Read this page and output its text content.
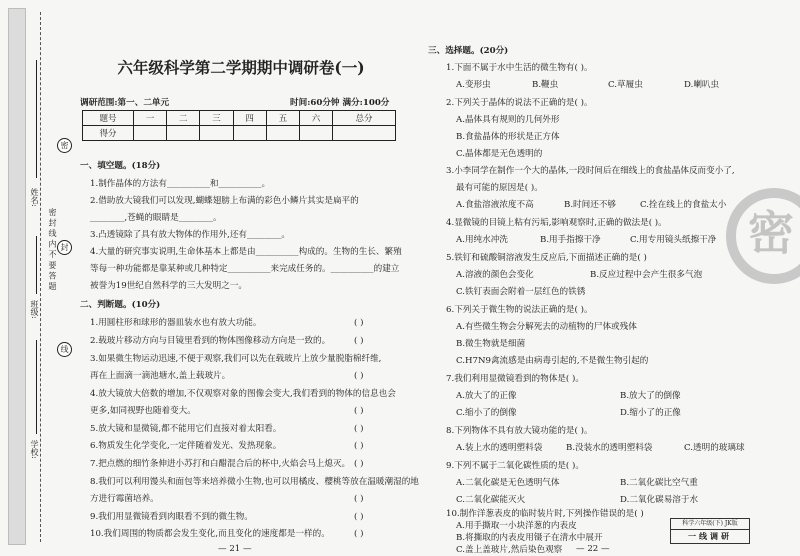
密 封 线 内 不 要 答 题
密
封
线
姓名:
班级:
学校:
六年级科学第二学期期中调研卷(一)
调研范围:第一、二单元	时间:60分钟 满分:100分
题号	一	二	三	四	五	六	总分
得分							
一、填空题。(18分)
1.制作晶体的方法有__________和__________。
2.借助放大镜我们可以发现,蝴蝶翅膀上布满的彩色小鳞片其实是扁平的
________,苍蝇的眼睛是________。
3.凸透镜除了具有放大物体的作用外,还有________。
4.大量的研究事实说明,生命体基本上都是由__________构成的。生物的生长、繁殖
等每一种功能都是靠某种或几种特定__________来完成任务的。__________的建立
被誉为19世纪自然科学的三大发明之一。
二、判断题。(10分)
1.用圆柱形和球形的器皿装水也有放大功能。	( )
2.载玻片移动方向与目镜里看到的物体图像移动方向是一致的。	( )
3.如果微生物运动迅速,不便于观察,我们可以先在载玻片上放少量脱脂棉纤维,
再在上面滴一滴池塘水,盖上载玻片。	( )
4.放大镜放大倍数的增加,不仅观察对象的图像会变大,我们看到的物体的信息也会
更多,如同视野也随着变大。	( )
5.放大镜和显微镜,都不能用它们直接对着太阳看。	( )
6.物质发生化学变化,一定伴随着发光、发热现象。	( )
7.把点燃的细竹条伸进小苏打和白醋混合后的杯中,火焰会马上熄灭。 ( )
8.我们可以利用馒头和面包等来培养微小生物,也可以用橘皮、樱桃等放在温暖潮湿的地
方进行霉菌培养。	( )
9.我们用显微镜看到肉眼看不到的微生物。	( )
10.我们周围的物质都会发生变化,而且变化的速度都是一样的。	( )
— 21 —
密
三、选择题。(20分)
1.下面不属于水中生活的微生物有( )。
A.变形虫	B.鞭虫	C.草履虫	D.喇叭虫
2.下列关于晶体的说法不正确的是( )。
A.晶体具有规则的几何外形
B.食盐晶体的形状是正方体
C.晶体都是无色透明的
3.小李同学在制作一个大的晶体,一段时间后在细线上的食盐晶体反而变小了,
最有可能的原因是( )。
A.食盐溶液浓度不高	B.时间还不够	C.拴在线上的食盐太小
4.显微镜的目镜上粘有污垢,影响观察时,正确的做法是( )。
A.用纯水冲洗	B.用手指擦干净	C.用专用镜头纸擦干净
5.铁钉和硫酸铜溶液发生反应后,下面描述正确的是( )
A.溶液的颜色会变化	B.反应过程中会产生很多气泡
C.铁钉表面会附着一层红色的铁锈
6.下列关于微生物的说法正确的是( )。
A.有些微生物会分解死去的动植物的尸体或残体
B.微生物就是细菌
C.H7N9禽流感是由病毒引起的,不是微生物引起的
7.我们利用显微镜看到的物体是( )。
A.放大了的正像	B.放大了的倒像
C.缩小了的倒像	D.缩小了的正像
8.下列物体不具有放大镜功能的是( )。
A.装上水的透明塑料袋	B.没装水的透明塑料袋	C.透明的玻璃球
9.下列不属于二氧化碳性质的是( )。
A.二氧化碳是无色透明气体	B.二氧化碳比空气重
C.二氧化碳能灭火	D.二氧化碳易溶于水
10.制作洋葱表皮的临时装片时,下列操作错误的是( )
A.用手撕取一小块洋葱的内表皮
B.将撕取的内表皮用镊子在清水中展开
C.盖上盖玻片,然后染色观察 — 22 —
科学六年级(下) JK版
一线调研
